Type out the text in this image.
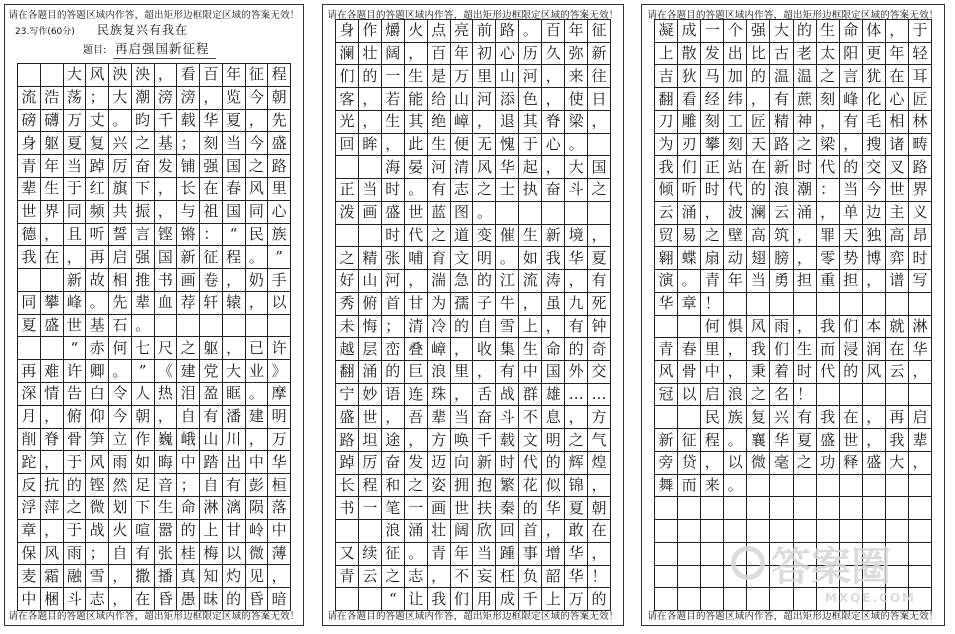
请在各题目的答题区域内作答，超出矩形边框限定区域的答案无效！
23.写作(60分) 民族复兴有我在
题目: 再启强国新征程

大 风 泱 泱 ， 看 百 年 征 程
流 浩 荡 ； 大 潮 滂 滂 ， 览 今 朝
磅 礴 万 丈 。 昀 千 载 华 夏 ， 先
身 躯 夏 复 兴 之 基 ； 刻 当 今 盛
青 年 当 踔 厉 奋 发 铺 强 国 之 路
辈 生 于 红 旗 下 ， 长 在 春 风 里
世 界 同 频 共 振 ， 与 祖 国 同 心
德 ， 且 听 誓 言 铿 锵 ： “ 民 族
我 在 ， 再 启 强 国 新 征 程 。 ”

新 故 相 推 书 画 卷 ， 奶 手
同 攀 峰 。 先 辈 血 荐 轩 辕 ， 以
夏 盛 世 基 石 。

“ 赤 何 七 尺 之 躯 ， 已 许
再 难 许 卿 。 ” 《 建 党 大 业 》
深 情 告 白 令 人 热 泪 盈 眶 。 摩
月 ， 俯 仰 今 朝 ， 自 有 潘 建 明
削 脊 骨 笋 立 作 巍 峨 山 川 ， 万
跎 ， 于 风 雨 如 晦 中 踏 出 中 华
反 抗 的 铿 然 足 音 ； 自 有 彭 桓
浮 萍 之 微 划 下 生 命 淋 漓 陨 落
章 ， 于 战 火 喧 嚣 的 上 甘 岭 中
保 风 雨 ； 自 有 张 桂 梅 以 微 薄
麦 霜 融 雪 ， 撒 播 真 知 灼 见 ，
中 梱 斗 志 ， 在 昏 愚 昧 的 昏 暗
请在各题目的答题区域内作答，超出矩形边框限定区域的答案无效！
请在各题目的答题区域内作答，超出矩形边框限定区域的答案无效！
身 作 爝 火 点 亮 前 路 。 百 年 征
澜 壮 阔 ， 百 年 初 心 历 久 弥 新
们 的 一 生 是 万 里 山 河 ， 来 往
客 ， 若 能 给 山 河 添 色 ， 使 日
光 ， 生 其 绝 嶂 ， 退 其 脊 梁 ，
回 眸 ， 此 生 便 无 愧 于 心 。

海 晏 河 清 风 华 起 ， 大 国
正 当 时 。 有 志 之 士 执 奋 斗 之
泼 画 盛 世 蓝 图 。

时 代 之 道 变 催 生 新 境 ，
之 精 张 哺 育 文 明 。 如 我 华 夏
好 山 河 ， 湍 急 的 江 流 涛 ， 有
秀 俯 首 甘 为 孺 子 牛 ， 虽 九 死
未 悔 ； 清 冷 的 自 雪 上 ， 有 钟
越 层 峦 叠 嶂 ， 收 集 生 命 的 奇
翻 涌 的 巨 浪 里 ， 有 中 国 外 交
宁 妙 语 连 珠 ， 舌 战 群 雄 … …
盛 世 ， 吾 辈 当 奋 斗 不 息 ， 方
路 坦 途 ， 方 唤 千 载 文 明 之 气
踔 厉 奋 发 迈 向 新 时 代 的 辉 煌
长 程 和 之 姿 拥 抱 繁 花 似 锦 ，
书 一 笔 一 画 世 扶 秦 的 华 夏 朝

浪 涌 壮 阔 欣 回 首 ， 敢 在
又 续 征 。 青 年 当 踵 事 增 华 ，
青 云 之 志 ， 不 妄 枉 负 韶 华 ！

“ 让 我 们 用 成 千 上 万 的
请在各题目的答题区域内作答，超出矩形边框限定区域的答案无效！
请在各题目的答题区域内作答，超出矩形边框限定区域的答案无效！
凝 成 一 个 强 大 的 生 命 体 ， 于
上 散 发 出 比 古 老 太 阳 更 年 轻
吉 狄 马 加 的 温 温 之 言 犹 在 耳
翻 看 经 纬 ， 有 蔗 刻 峰 化 心 匠
刀 雕 刻 工 匠 精 神 ， 有 毛 相 林
为 刃 攀 刻 天 路 之 梁 ， 搜 诸 畴
我 们 正 站 在 新 时 代 的 交 叉 路
倾 听 时 代 的 浪 潮 ： 当 今 世 界
云 涌 ， 波 澜 云 涌 ， 单 边 主 义
贸 易 之 壁 高 筑 ， 罪 天 独 高 昂
翱 蝶 扇 动 翅 膀 ， 零 势 博 弈 时
演 。 青 年 当 勇 担 重 担 ， 谱 写
华 章 ！

何 惧 风 雨 ， 我 们 本 就 淋
青 春 里 ， 我 们 生 而 浸 润 在 华
风 骨 中 ， 秉 着 时 代 的 风 云 ，
冠 以 启 浪 之 名 ！

民 族 复 兴 有 我 在 ， 再 启
新 征 程 。 襄 华 夏 盛 世 ， 我 辈
旁 贷 ， 以 微 毫 之 功 释 盛 大 ，
舞 而 来 。
答案圈
MXQE.COM
请在各题目的答题区域内作答，超出矩形边框限定区域的答案无效！
